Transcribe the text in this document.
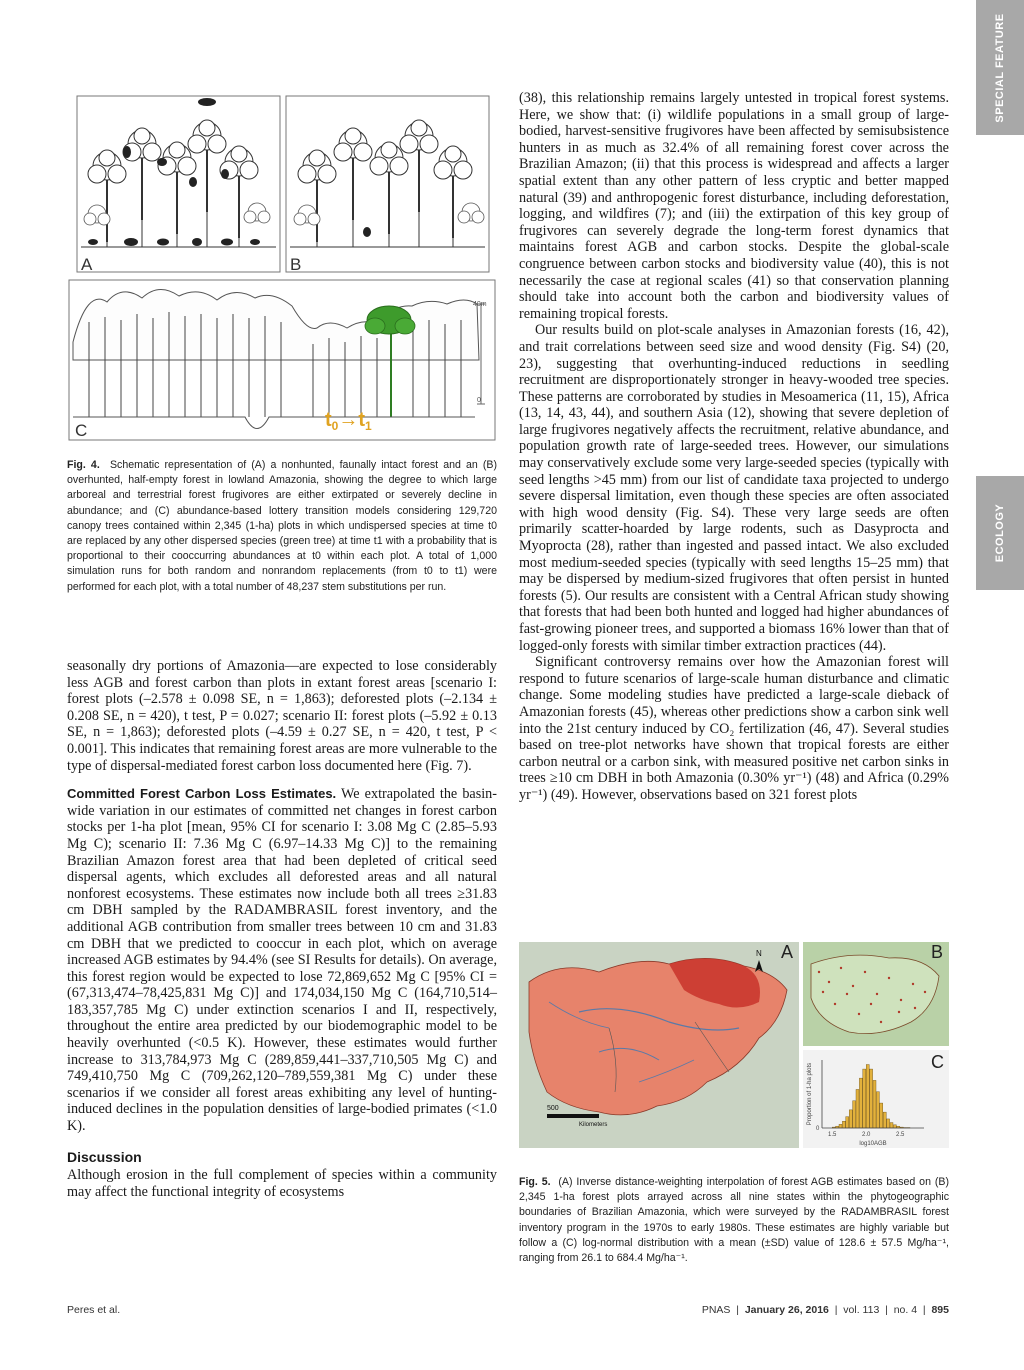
SPECIAL FEATURE
ECOLOGY
A	B
40m
0
$t_0\to t_1$
C

Fig. 4. Schematic representation of (A) a nonhunted, faunally intact forest and an (B) overhunted, half-empty forest in lowland Amazonia, showing the degree to which large arboreal and terrestrial forest frugivores are either extirpated or severely decline in abundance; and (C) abundance-based lottery transition models considering 129,720 canopy trees contained within 2,345 (1-ha) plots in which undispersed species at time t0 are replaced by any other dispersed species (green tree) at time t1 with a probability that is proportional to their cooccurring abundances at t0 within each plot. A total of 1,000 simulation runs for both random and nonrandom replacements (from t0 to t1) were performed for each plot, with a total number of 48,237 stem substitutions per run.

seasonally dry portions of Amazonia—are expected to lose considerably less AGB and forest carbon than plots in extant forest areas [scenario I: forest plots (–2.578 ± 0.098 SE, n = 1,863); deforested plots (–2.134 ± 0.208 SE, n = 420), t test, P = 0.027; scenario II: forest plots (–5.92 ± 0.13 SE, n = 1,863); deforested plots (–4.59 ± 0.27 SE, n = 420, t test, P < 0.001]. This indicates that remaining forest areas are more vulnerable to the type of dispersal-mediated forest carbon loss documented here (Fig. 7).

Committed Forest Carbon Loss Estimates. We extrapolated the basin-wide variation in our estimates of committed net changes in forest carbon stocks per 1-ha plot [mean, 95% CI for scenario I: 3.08 Mg C (2.85–5.93 Mg C); scenario II: 7.36 Mg C (6.97–14.33 Mg C)] to the remaining Brazilian Amazon forest area that had been depleted of critical seed dispersal agents, which excludes all deforested areas and all natural nonforest ecosystems. These estimates now include both all trees ≥31.83 cm DBH sampled by the RADAMBRASIL forest inventory, and the additional AGB contribution from smaller trees between 10 cm and 31.83 cm DBH that we predicted to cooccur in each plot, which on average increased AGB estimates by 94.4% (see SI Results for details). On average, this forest region would be expected to lose 72,869,652 Mg C [95% CI = (67,313,474–78,425,831 Mg C)] and 174,034,150 Mg C (164,710,514–183,357,785 Mg C) under extinction scenarios I and II, respectively, throughout the entire area predicted by our biodemographic model to be heavily overhunted (<0.5 K). However, these estimates would further increase to 313,784,973 Mg C (289,859,441–337,710,505 Mg C) and 749,410,750 Mg C (709,262,120–789,559,381 Mg C) under these scenarios if we consider all forest areas exhibiting any level of hunting-induced declines in the population densities of large-bodied primates (<1.0 K).

Discussion

Although erosion in the full complement of species within a community may affect the functional integrity of ecosystems

(38), this relationship remains largely untested in tropical forest systems. Here, we show that: (i) wildlife populations in a small group of large-bodied, harvest-sensitive frugivores have been affected by semisubsistence hunters in as much as 32.4% of all remaining forest cover across the Brazilian Amazon; (ii) that this process is widespread and affects a larger spatial extent than any other pattern of less cryptic and better mapped natural (39) and anthropogenic forest disturbance, including deforestation, logging, and wildfires (7); and (iii) the extirpation of this key group of frugivores can severely degrade the long-term forest dynamics that maintains forest AGB and carbon stocks. Despite the global-scale congruence between carbon stocks and biodiversity value (40), this is not necessarily the case at regional scales (41) so that conservation planning should take into account both the carbon and biodiversity values of remaining tropical forests.

Our results build on plot-scale analyses in Amazonian forests (16, 42), and trait correlations between seed size and wood density (Fig. S4) (20, 23), suggesting that overhunting-induced reductions in seedling recruitment are disproportionately stronger in heavy-wooded tree species. These patterns are corroborated by studies in Mesoamerica (11, 15), Africa (13, 14, 43, 44), and southern Asia (12), showing that severe depletion of large frugivores negatively affects the recruitment, relative abundance, and population growth rate of large-seeded trees. However, our simulations may conservatively exclude some very large-seeded species (typically with seed lengths >45 mm) from our list of candidate taxa projected to undergo severe dispersal limitation, even though these species are often associated with high wood density (Fig. S4). These very large seeds are often primarily scatter-hoarded by large rodents, such as Dasyprocta and Myoprocta (28), rather than ingested and passed intact. We also excluded most medium-seeded species (typically with seed lengths 15–25 mm) that may be dispersed by medium-sized frugivores that often persist in hunted forests (5). Our results are consistent with a Central African study showing that forests that had been both hunted and logged had higher abundances of fast-growing pioneer trees, and supported a biomass 16% lower than that of logged-only forests with similar timber extraction practices (44).

Significant controversy remains over how the Amazonian forest will respond to future scenarios of large-scale human disturbance and climatic change. Some modeling studies have predicted a large-scale dieback of Amazonian forests (45), whereas other predictions show a carbon sink well into the 21st century induced by CO₂ fertilization (46, 47). Several studies based on tree-plot networks have shown that tropical forests are either carbon neutral or a carbon sink, with measured positive net carbon sinks in trees ≥10 cm DBH in both Amazonia (0.30% yr⁻¹) (48) and Africa (0.29% yr⁻¹) (49). However, observations based on 321 forest plots

500
Kilometers
N A	B
0
1.5	2.0	2.5
log10AGB
Proportion of 1-ha plots
C

Fig. 5. (A) Inverse distance-weighting interpolation of forest AGB estimates based on (B) 2,345 1-ha forest plots arrayed across all nine states within the phytogeographic boundaries of Brazilian Amazonia, which were surveyed by the RADAMBRASIL forest inventory program in the 1970s to early 1980s. These estimates are highly variable but follow a (C) log-normal distribution with a mean (±SD) value of 128.6 ± 57.5 Mg/ha⁻¹, ranging from 26.1 to 684.4 Mg/ha⁻¹.

Peres et al.	PNAS  |  January 26, 2016  |  vol. 113  |  no. 4  |  895
